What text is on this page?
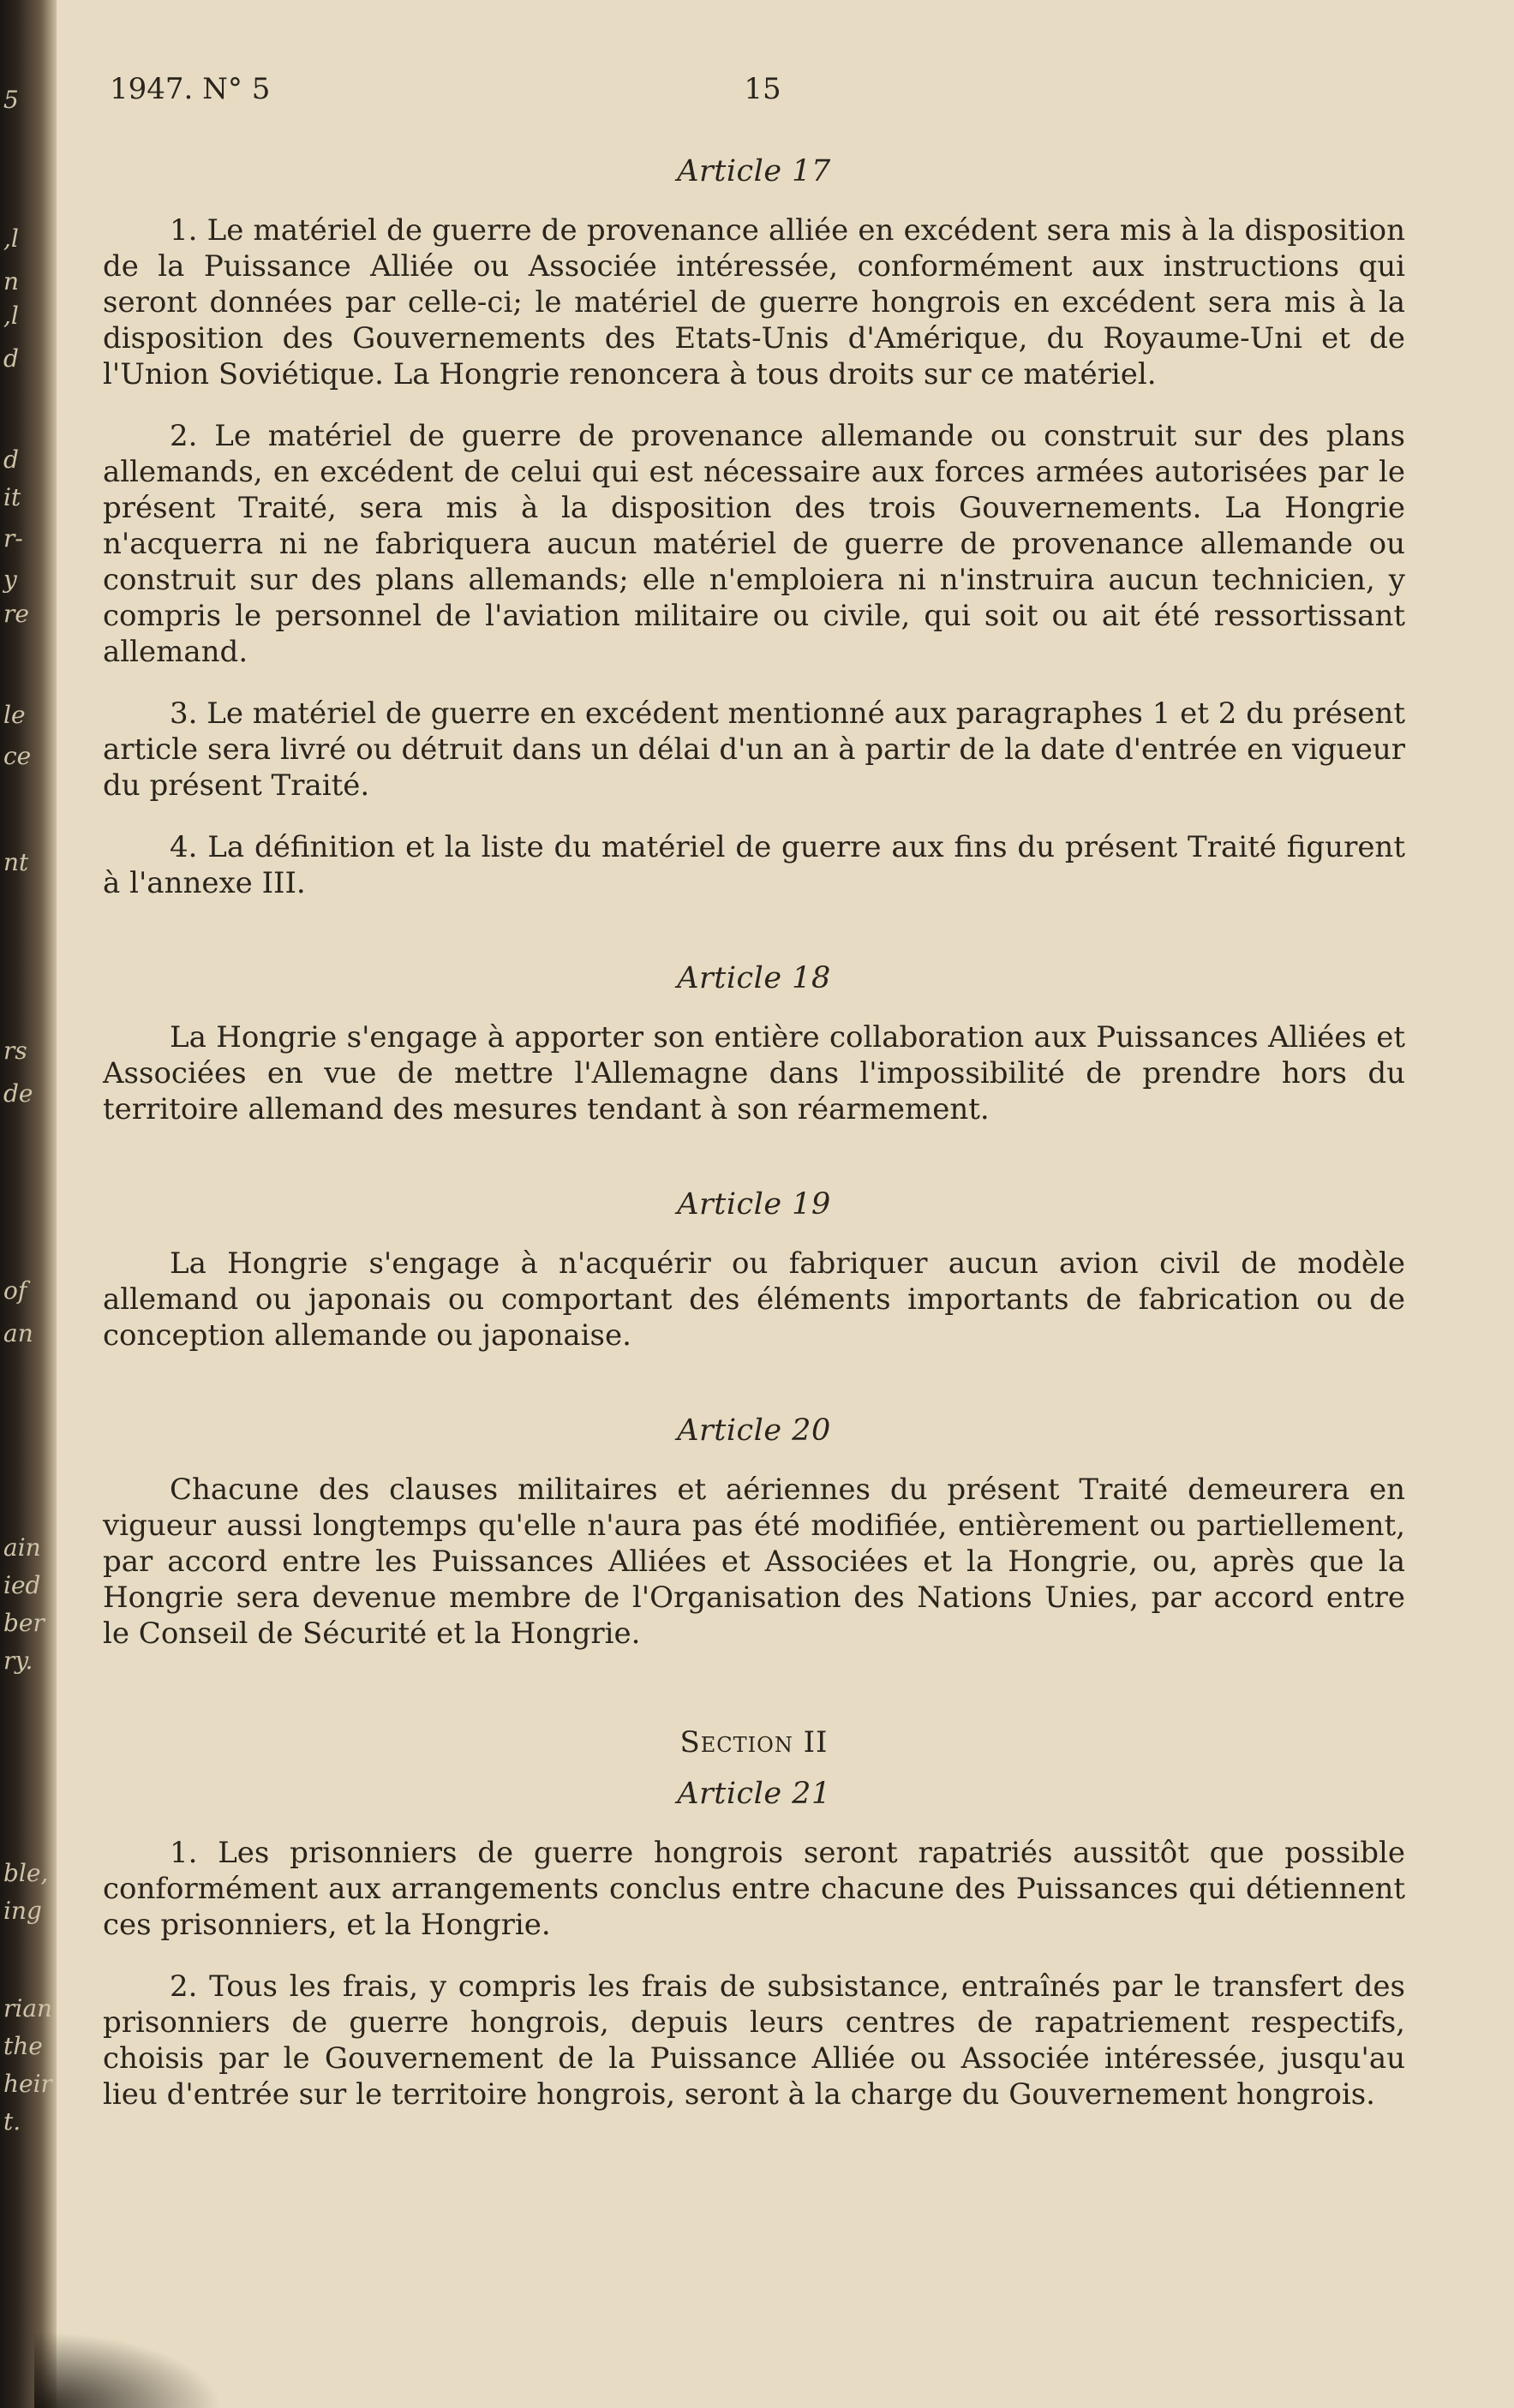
5
,l
n
,l
d
d
it
r-
y
re
le
ce
nt
rs
de
of
an
ain
ied
ber
ry.
ble,
ing
rian
the
heir
t.
1947. N° 5	15
Article 17

1. Le matériel de guerre de provenance alliée en excédent sera mis à la disposition de la Puissance Alliée ou Associée intéressée, conformément aux instructions qui seront données par celle-ci; le matériel de guerre hongrois en excédent sera mis à la disposition des Gouvernements des Etats-Unis d'Amérique, du Royaume-Uni et de l'Union Soviétique. La Hongrie renoncera à tous droits sur ce matériel.

2. Le matériel de guerre de provenance allemande ou construit sur des plans allemands, en excédent de celui qui est nécessaire aux forces armées autorisées par le présent Traité, sera mis à la disposition des trois Gouvernements. La Hongrie n'acquerra ni ne fabriquera aucun matériel de guerre de provenance allemande ou construit sur des plans allemands; elle n'emploiera ni n'instruira aucun technicien, y compris le personnel de l'aviation militaire ou civile, qui soit ou ait été ressortissant allemand.

3. Le matériel de guerre en excédent mentionné aux paragraphes 1 et 2 du présent article sera livré ou détruit dans un délai d'un an à partir de la date d'entrée en vigueur du présent Traité.

4. La définition et la liste du matériel de guerre aux fins du présent Traité figurent à l'annexe III.

Article 18

La Hongrie s'engage à apporter son entière collaboration aux Puissances Alliées et Associées en vue de mettre l'Allemagne dans l'impossibilité de prendre hors du territoire allemand des mesures tendant à son réarmement.

Article 19

La Hongrie s'engage à n'acquérir ou fabriquer aucun avion civil de modèle allemand ou japonais ou comportant des éléments importants de fabrication ou de conception allemande ou japonaise.

Article 20

Chacune des clauses militaires et aériennes du présent Traité demeurera en vigueur aussi longtemps qu'elle n'aura pas été modifiée, entièrement ou partiellement, par accord entre les Puissances Alliées et Associées et la Hongrie, ou, après que la Hongrie sera devenue membre de l'Organisation des Nations Unies, par accord entre le Conseil de Sécurité et la Hongrie.

Section II
Article 21

1. Les prisonniers de guerre hongrois seront rapatriés aussitôt que possible conformément aux arrangements conclus entre chacune des Puissances qui détiennent ces prisonniers, et la Hongrie.

2. Tous les frais, y compris les frais de subsistance, entraînés par le transfert des prisonniers de guerre hongrois, depuis leurs centres de rapatriement respectifs, choisis par le Gouvernement de la Puissance Alliée ou Associée intéressée, jusqu'au lieu d'entrée sur le territoire hongrois, seront à la charge du Gouvernement hongrois.
